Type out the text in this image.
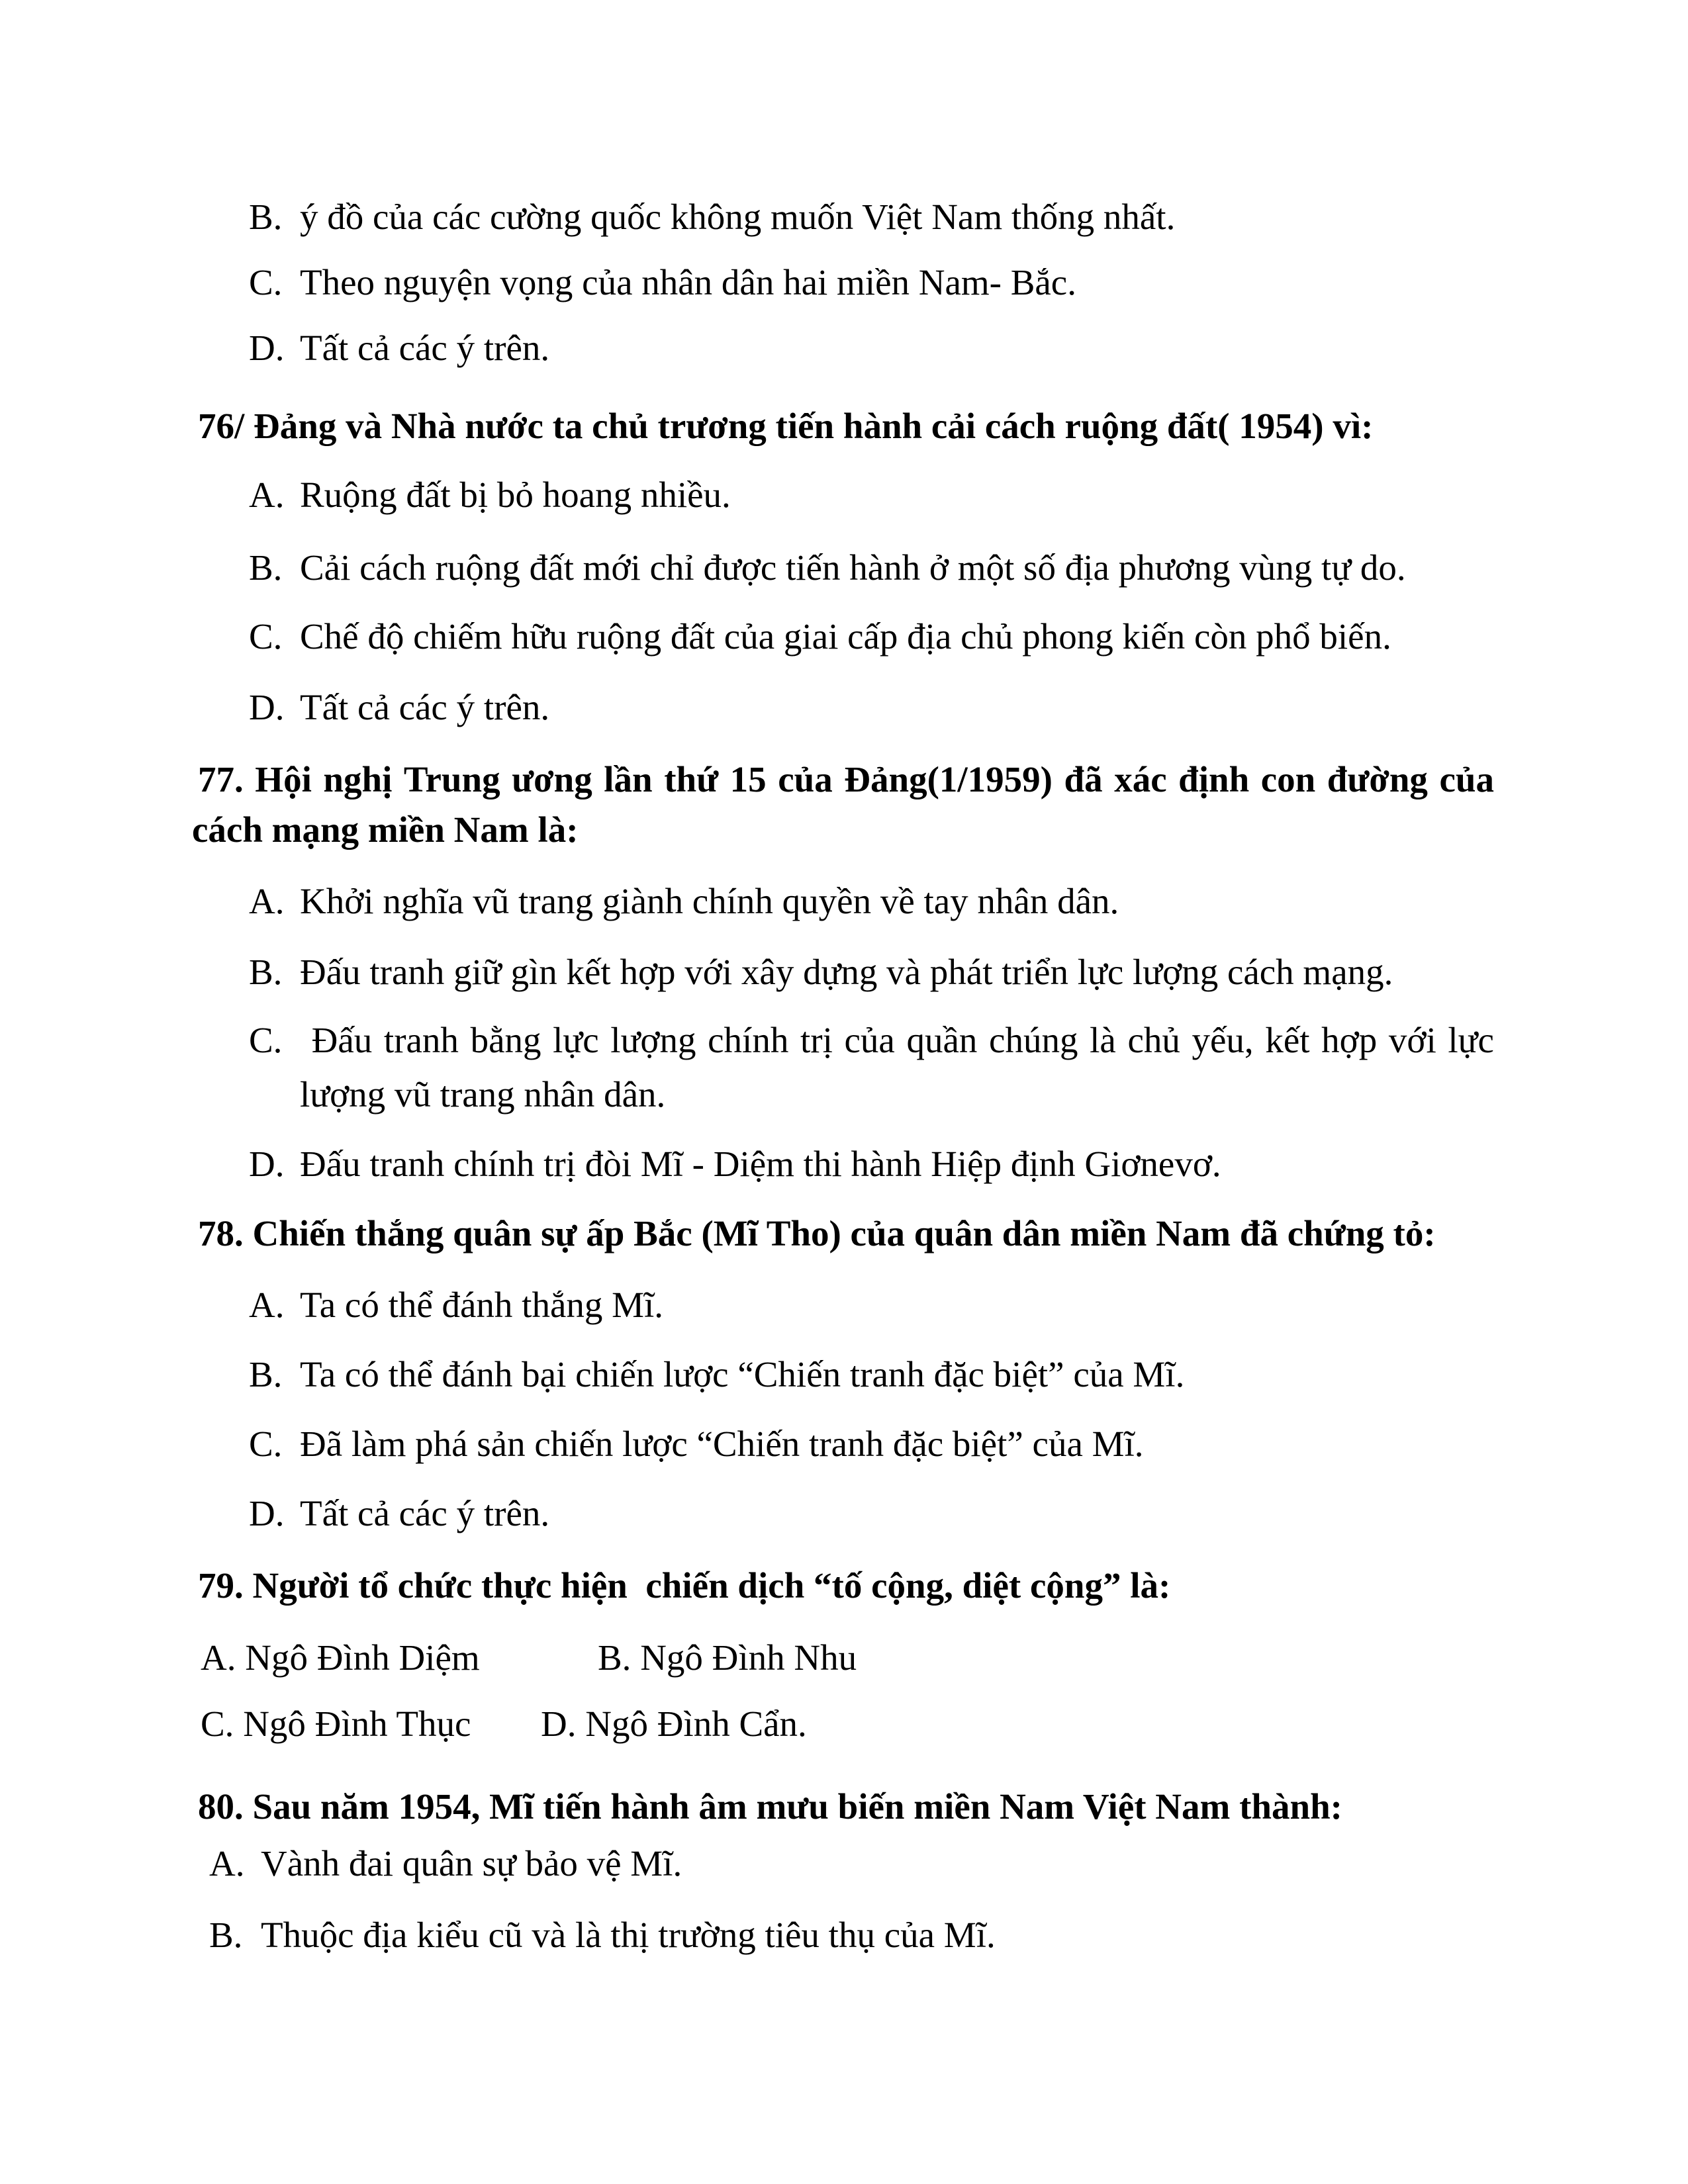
B. ý đồ của các cường quốc không muốn Việt Nam thống nhất.
C. Theo nguyện vọng của nhân dân hai miền Nam- Bắc.
D. Tất cả các ý trên.
76/ Đảng và Nhà nước ta chủ trương tiến hành cải cách ruộng đất( 1954) vì:
A. Ruộng đất bị bỏ hoang nhiều.
B. Cải cách ruộng đất mới chỉ được tiến hành ở một số địa phương vùng tự do.
C. Chế độ chiếm hữu ruộng đất của giai cấp địa chủ phong kiến còn phổ biến.
D. Tất cả các ý trên.
77. Hội nghị Trung ương lần thứ 15 của Đảng(1/1959) đã xác định con đường của
cách mạng miền Nam là:
A. Khởi nghĩa vũ trang giành chính quyền về tay nhân dân.
B. Đấu tranh giữ gìn kết hợp với xây dựng và phát triển lực lượng cách mạng.
C. Đấu tranh bằng lực lượng chính trị của quần chúng là chủ yếu, kết hợp với lực
lượng vũ trang nhân dân.
D. Đấu tranh chính trị đòi Mĩ - Diệm thi hành Hiệp định Giơnevơ.
78. Chiến thắng quân sự ấp Bắc (Mĩ Tho) của quân dân miền Nam đã chứng tỏ:
A. Ta có thể đánh thắng Mĩ.
B. Ta có thể đánh bại chiến lược “Chiến tranh đặc biệt” của Mĩ.
C. Đã làm phá sản chiến lược “Chiến tranh đặc biệt” của Mĩ.
D. Tất cả các ý trên.
79. Người tổ chức thực hiện  chiến dịch “tố cộng, diệt cộng” là:
A. Ngô Đình Diệm	B. Ngô Đình Nhu
C. Ngô Đình Thục D. Ngô Đình Cẩn.
80. Sau năm 1954, Mĩ tiến hành âm mưu biến miền Nam Việt Nam thành:
A. Vành đai quân sự bảo vệ Mĩ.
B. Thuộc địa kiểu cũ và là thị trường tiêu thụ của Mĩ.
